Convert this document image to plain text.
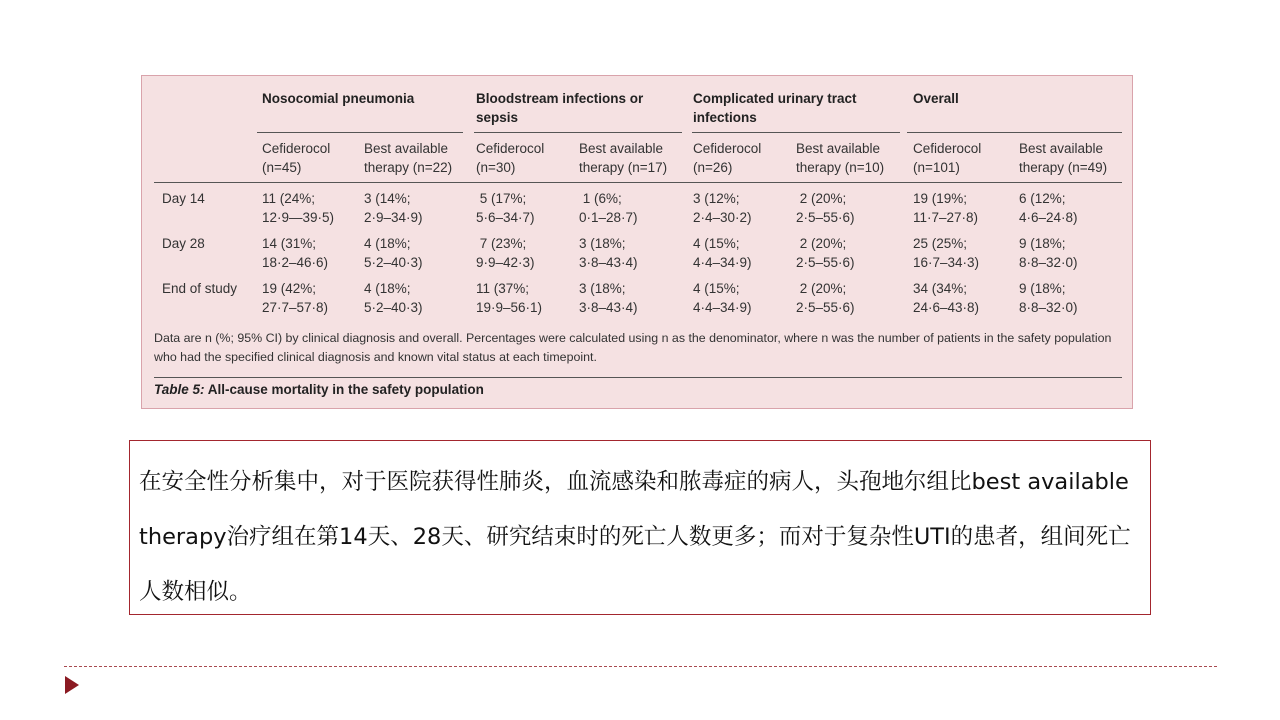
Nosocomial pneumonia	Bloodstream infections or
sepsis
Complicated urinary tract
infections
Overall
Cefiderocol
(n=45)
Best available
therapy (n=22)
Cefiderocol
(n=30)
Best available
therapy (n=17)
Cefiderocol
(n=26)
Best available
therapy (n=10)
Cefiderocol
(n=101)
Best available
therapy (n=49)
Day 14
Day 28
End of study
11 (24%;
12·9—39·5)
3 (14%;
2·9–34·9)
5 (17%;
5·6–34·7)
1 (6%;
0·1–28·7)
3 (12%;
2·4–30·2)
2 (20%;
2·5–55·6)
19 (19%;
11·7–27·8)
6 (12%;
4·6–24·8)
14 (31%;
18·2–46·6)
4 (18%;
5·2–40·3)
7 (23%;
9·9–42·3)
3 (18%;
3·8–43·4)
4 (15%;
4·4–34·9)
2 (20%;
2·5–55·6)
25 (25%;
16·7–34·3)
9 (18%;
8·8–32·0)
19 (42%;
27·7–57·8)
4 (18%;
5·2–40·3)
11 (37%;
19·9–56·1)
3 (18%;
3·8–43·4)
4 (15%;
4·4–34·9)
2 (20%;
2·5–55·6)
34 (34%;
24·6–43·8)
9 (18%;
8·8–32·0)
Data are n (%; 95% CI) by clinical diagnosis and overall. Percentages were calculated using n as the denominator, where n was the number of patients in the safety population who had the specified clinical diagnosis and known vital status at each timepoint.
Table 5: All-cause mortality in the safety population
在安全性分析集中，对于医院获得性肺炎，血流感染和脓毒症的病人，头孢地尔组比best available therapy治疗组在第14天、28天、研究结束时的死亡人数更多；而对于复杂性UTI的患者，组间死亡人数相似。
